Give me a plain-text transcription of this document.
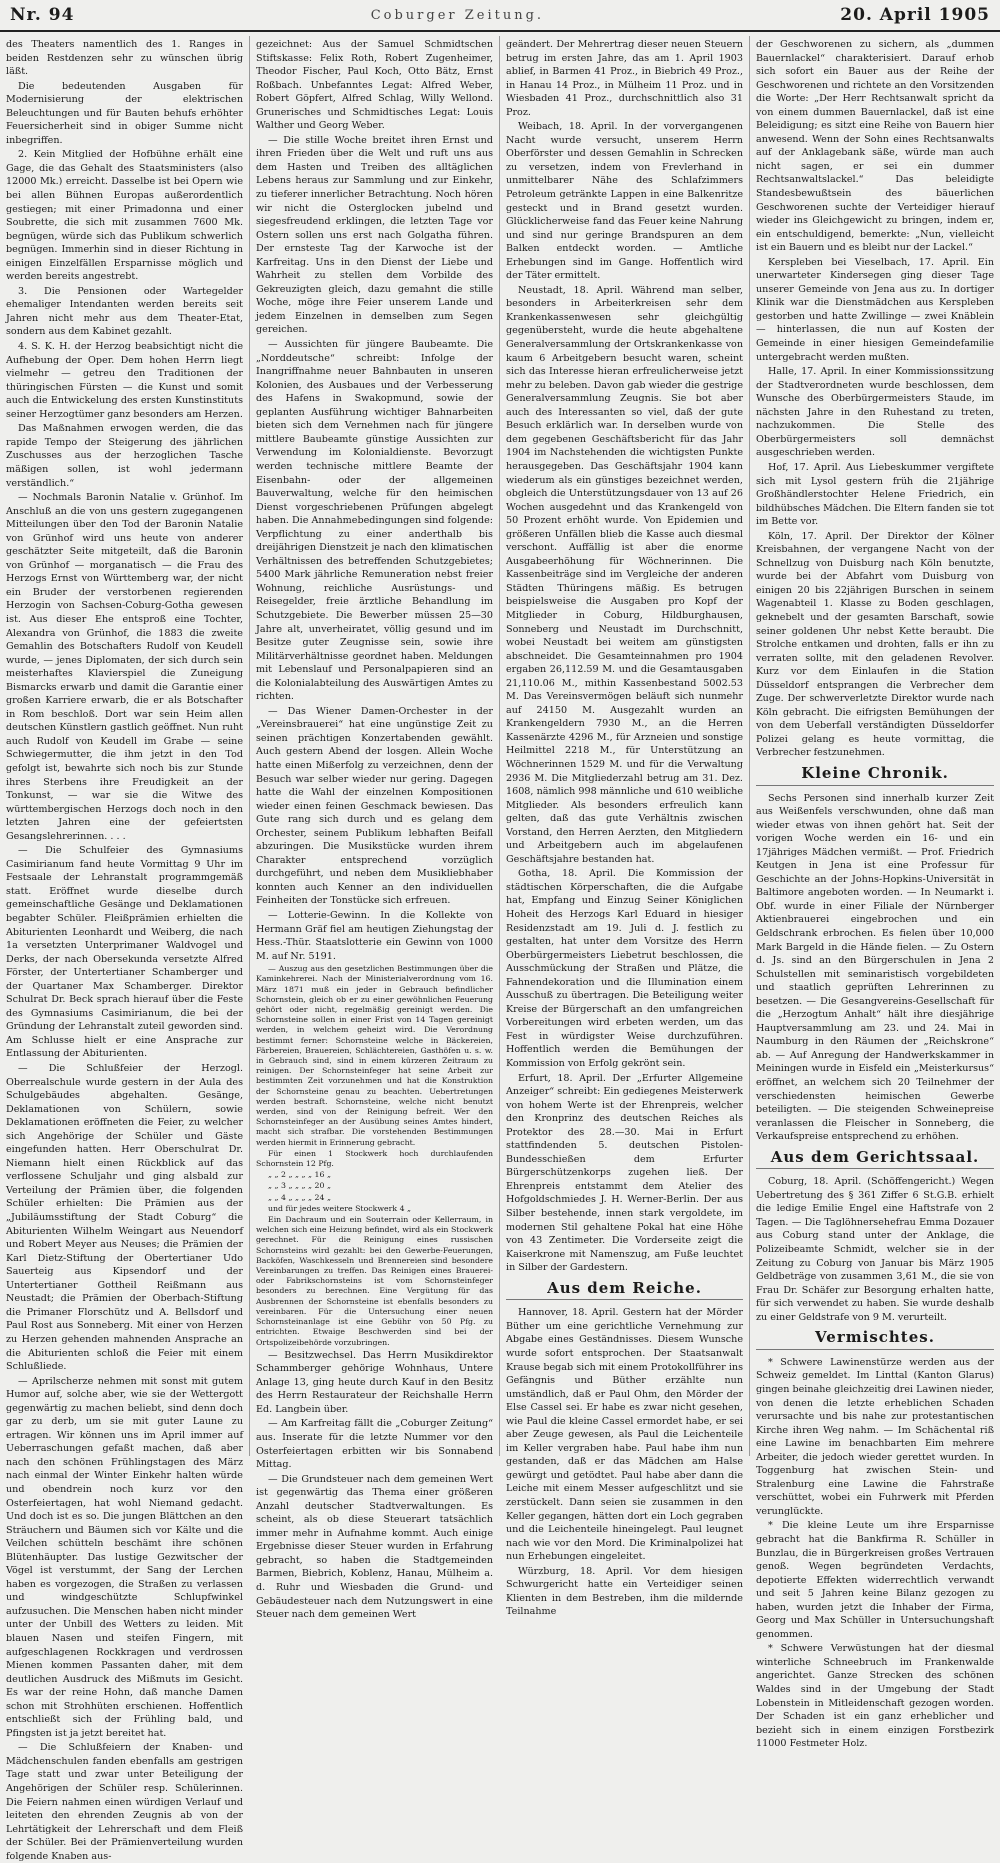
Nr. 94	Coburger Zeitung.	20. April 1905

des Theaters namentlich des 1. Ranges in beiden Restdenzen sehr zu wünschen übrig läßt.

Die bedeutenden Ausgaben für Modernisierung der elektrischen Beleuchtungen und für Bauten behufs erhöhter Feuersicherheit sind in obiger Summe nicht inbegriffen.

2. Kein Mitglied der Hofbühne erhält eine Gage, die das Gehalt des Staatsministers (also 12000 Mk.) erreicht. Dasselbe ist bei Opern wie bei allen Bühnen Europas außerordentlich gestiegen; mit einer Primadonna und einer Soubrette, die sich mit zusammen 7600 Mk. begnügen, würde sich das Publikum schwerlich begnügen. Immerhin sind in dieser Richtung in einigen Einzelfällen Ersparnisse möglich und werden bereits angestrebt.

3. Die Pensionen oder Wartegelder ehemaliger Intendanten werden bereits seit Jahren nicht mehr aus dem Theater-Etat, sondern aus dem Kabinet gezahlt.

4. S. K. H. der Herzog beabsichtigt nicht die Aufhebung der Oper. Dem hohen Herrn liegt vielmehr — getreu den Traditionen der thüringischen Fürsten — die Kunst und somit auch die Entwickelung des ersten Kunstinstituts seiner Herzogtümer ganz besonders am Herzen.

Das Maßnahmen erwogen werden, die das rapide Tempo der Steigerung des jährlichen Zuschusses aus der herzoglichen Tasche mäßigen sollen, ist wohl jedermann verständlich.“

— Nochmals Baronin Natalie v. Grünhof. Im Anschluß an die von uns gestern zugegangenen Mitteilungen über den Tod der Baronin Natalie von Grünhof wird uns heute von anderer geschätzter Seite mitgeteilt, daß die Baronin von Grünhof — morganatisch — die Frau des Herzogs Ernst von Württemberg war, der nicht ein Bruder der verstorbenen regierenden Herzogin von Sachsen-Coburg-Gotha gewesen ist. Aus dieser Ehe entsproß eine Tochter, Alexandra von Grünhof, die 1883 die zweite Gemahlin des Botschafters Rudolf von Keudell wurde, — jenes Diplomaten, der sich durch sein meisterhaftes Klavierspiel die Zuneigung Bismarcks erwarb und damit die Garantie einer großen Karriere erwarb, die er als Botschafter in Rom beschloß. Dort war sein Heim allen deutschen Künstlern gastlich geöffnet. Nun ruht auch Rudolf von Keudell im Grabe — seine Schwiegermutter, die ihm jetzt in den Tod gefolgt ist, bewahrte sich noch bis zur Stunde ihres Sterbens ihre Freudigkeit an der Tonkunst, — war sie die Witwe des württembergischen Herzogs doch noch in den letzten Jahren eine der gefeiertsten Gesangslehrerinnen. . . .

— Die Schulfeier des Gymnasiums Casimirianum fand heute Vormittag 9 Uhr im Festsaale der Lehranstalt programmgemäß statt. Eröffnet wurde dieselbe durch gemeinschaftliche Gesänge und Deklamationen begabter Schüler. Fleißprämien erhielten die Abiturienten Leonhardt und Weiberg, die nach 1a versetzten Unterprimaner Waldvogel und Derks, der nach Obersekunda versetzte Alfred Förster, der Untertertianer Schamberger und der Quartaner Max Schamberger. Direktor Schulrat Dr. Beck sprach hierauf über die Feste des Gymnasiums Casimirianum, die bei der Gründung der Lehranstalt zuteil geworden sind. Am Schlusse hielt er eine Ansprache zur Entlassung der Abiturienten.

— Die Schlußfeier der Herzogl. Oberrealschule wurde gestern in der Aula des Schulgebäudes abgehalten. Gesänge, Deklamationen von Schülern, sowie Deklamationen eröffneten die Feier, zu welcher sich Angehörige der Schüler und Gäste eingefunden hatten. Herr Oberschulrat Dr. Niemann hielt einen Rückblick auf das verflossene Schuljahr und ging alsbald zur Verteilung der Prämien über, die folgenden Schüler erhielten: Die Prämien aus der „Jubiläumsstiftung der Stadt Coburg“ die Abiturienten Wilhelm Weingart aus Neuendorf und Robert Meyer aus Neuses; die Prämien der Karl Dietz-Stiftung der Obertertianer Udo Sauerteig aus Kipsendorf und der Untertertianer Gottheil Reißmann aus Neustadt; die Prämien der Oberbach-Stiftung die Primaner Florschütz und A. Bellsdorf und Paul Rost aus Sonneberg. Mit einer von Herzen zu Herzen gehenden mahnenden Ansprache an die Abiturienten schloß die Feier mit einem Schlußliede.

— Aprilscherze nehmen mit sonst mit gutem Humor auf, solche aber, wie sie der Wettergott gegenwärtig zu machen beliebt, sind denn doch gar zu derb, um sie mit guter Laune zu ertragen. Wir können uns im April immer auf Ueberraschungen gefaßt machen, daß aber nach den schönen Frühlingstagen des März nach einmal der Winter Einkehr halten würde und obendrein noch kurz vor den Osterfeiertagen, hat wohl Niemand gedacht. Und doch ist es so. Die jungen Blättchen an den Sträuchern und Bäumen sich vor Kälte und die Veilchen schütteln beschämt ihre schönen Blütenhäupter. Das lustige Gezwitscher der Vögel ist verstummt, der Sang der Lerchen haben es vorgezogen, die Straßen zu verlassen und windgeschützte Schlupfwinkel aufzusuchen. Die Menschen haben nicht minder unter der Unbill des Wetters zu leiden. Mit blauen Nasen und steifen Fingern, mit aufgeschlagenen Rockkragen und verdrossen Mienen kommen Passanten daher, mit dem deutlichen Ausdruck des Mißmuts im Gesicht. Es war der reine Hohn, daß manche Damen schon mit Strohhüten erschienen. Hoffentlich entschließt sich der Frühling bald, und Pfingsten ist ja jetzt bereitet hat.

— Die Schlußfeiern der Knaben- und Mädchenschulen fanden ebenfalls am gestrigen Tage statt und zwar unter Beteiligung der Angehörigen der Schüler resp. Schülerinnen. Die Feiern nahmen einen würdigen Verlauf und leiteten den ehrenden Zeugnis ab von der Lehrtätigkeit der Lehrerschaft und dem Fleiß der Schüler. Bei der Prämienverteilung wurden folgende Knaben aus-

gezeichnet: Aus der Samuel Schmidtschen Stiftskasse: Felix Roth, Robert Zugenheimer, Theodor Fischer, Paul Koch, Otto Bätz, Ernst Roßbach. Unbefanntes Legat: Alfred Weber, Robert Göpfert, Alfred Schlag, Willy Wellond. Grunerisches und Schmidtisches Legat: Louis Walther und Georg Weber.

— Die stille Woche breitet ihren Ernst und ihren Frieden über die Welt und ruft uns aus dem Hasten und Treiben des alltäglichen Lebens heraus zur Sammlung und zur Einkehr, zu tieferer innerlicher Betrachtung. Noch hören wir nicht die Osterglocken jubelnd und siegesfreudend erklingen, die letzten Tage vor Ostern sollen uns erst nach Golgatha führen. Der ernsteste Tag der Karwoche ist der Karfreitag. Uns in den Dienst der Liebe und Wahrheit zu stellen dem Vorbilde des Gekreuzigten gleich, dazu gemahnt die stille Woche, möge ihre Feier unserem Lande und jedem Einzelnen in demselben zum Segen gereichen.

— Aussichten für jüngere Baubeamte. Die „Norddeutsche“ schreibt: Infolge der Inangriffnahme neuer Bahnbauten in unseren Kolonien, des Ausbaues und der Verbesserung des Hafens in Swakopmund, sowie der geplanten Ausführung wichtiger Bahnarbeiten bieten sich dem Vernehmen nach für jüngere mittlere Baubeamte günstige Aussichten zur Verwendung im Kolonialdienste. Bevorzugt werden technische mittlere Beamte der Eisenbahn- oder der allgemeinen Bauverwaltung, welche für den heimischen Dienst vorgeschriebenen Prüfungen abgelegt haben. Die Annahmebedingungen sind folgende: Verpflichtung zu einer anderthalb bis dreijährigen Dienstzeit je nach den klimatischen Verhältnissen des betreffenden Schutzgebietes; 5400 Mark jährliche Remuneration nebst freier Wohnung, reichliche Ausrüstungs- und Reisegelder, freie ärztliche Behandlung im Schutzgebiete. Die Bewerber müssen 25—30 Jahre alt, unverheiratet, völlig gesund und im Besitze guter Zeugnisse sein, sowie ihre Militärverhältnisse geordnet haben. Meldungen mit Lebenslauf und Personalpapieren sind an die Kolonialabteilung des Auswärtigen Amtes zu richten.

— Das Wiener Damen-Orchester in der „Vereinsbrauerei“ hat eine ungünstige Zeit zu seinen prächtigen Konzertabenden gewählt. Auch gestern Abend der losgen. Allein Woche hatte einen Mißerfolg zu verzeichnen, denn der Besuch war selber wieder nur gering. Dagegen hatte die Wahl der einzelnen Kompositionen wieder einen feinen Geschmack bewiesen. Das Gute rang sich durch und es gelang dem Orchester, seinem Publikum lebhaften Beifall abzuringen. Die Musikstücke wurden ihrem Charakter entsprechend vorzüglich durchgeführt, und neben dem Musikliebhaber konnten auch Kenner an den individuellen Feinheiten der Tonstücke sich erfreuen.

— Lotterie-Gewinn. In die Kollekte von Hermann Gräf fiel am heutigen Ziehungstag der Hess.-Thür. Staatslotterie ein Gewinn von 1000 M. auf Nr. 5191.

— Auszug aus den gesetzlichen Bestimmungen über die Kaminkehrerei. Nach der Ministerialverordnung vom 16. März 1871 muß ein jeder in Gebrauch befindlicher Schornstein, gleich ob er zu einer gewöhnlichen Feuerung gehört oder nicht, regelmäßig gereinigt werden. Die Schornsteine sollen in einer Frist von 14 Tagen gereinigt werden, in welchem geheizt wird. Die Verordnung bestimmt ferner: Schornsteine welche in Bäckereien, Färbereien, Brauereien, Schlächtereien, Gasthöfen u. s. w. in Gebrauch sind, sind in einem kürzeren Zeitraum zu reinigen. Der Schornsteinfeger hat seine Arbeit zur bestimmten Zeit vorzunehmen und hat die Konstruktion der Schornsteine genau zu beachten. Uebertretungen werden bestraft. Schornsteine, welche nicht benutzt werden, sind von der Reinigung befreit. Wer den Schornsteinfeger an der Ausübung seines Amtes hindert, macht sich strafbar. Die vorstehenden Bestimmungen werden hiermit in Erinnerung gebracht.

Für einen 1 Stockwerk hoch durchlaufenden Schornstein 12 Pfg.

„ „ 2 „ „ „ „ 16 „

„ „ 3 „ „ „ „ 20 „

„ „ 4 „ „ „ „ 24 „

und für jedes weitere Stockwerk 4 „

Ein Dachraum und ein Souterrain oder Kellerraum, in welchen sich eine Heizung befindet, wird als ein Stockwerk gerechnet. Für die Reinigung eines russischen Schornsteins wird gezahlt: bei den Gewerbe-Feuerungen, Backöfen, Waschkesseln und Brennereien sind besondere Vereinbarungen zu treffen. Das Reinigen eines Brauerei- oder Fabrikschornsteins ist vom Schornsteinfeger besonders zu berechnen. Eine Vergütung für das Ausbrennen der Schornsteine ist ebenfalls besonders zu vereinbaren. Für die Untersuchung einer neuen Schornsteinanlage ist eine Gebühr von 50 Pfg. zu entrichten. Etwaige Beschwerden sind bei der Ortspolizeibehörde vorzubringen.

— Besitzwechsel. Das Herrn Musikdirektor Schammberger gehörige Wohnhaus, Untere Anlage 13, ging heute durch Kauf in den Besitz des Herrn Restaurateur der Reichshalle Herrn Ed. Langbein über.

— Am Karfreitag fällt die „Coburger Zeitung“ aus. Inserate für die letzte Nummer vor den Osterfeiertagen erbitten wir bis Sonnabend Mittag.

— Die Grundsteuer nach dem gemeinen Wert ist gegenwärtig das Thema einer größeren Anzahl deutscher Stadtverwaltungen. Es scheint, als ob diese Steuerart tatsächlich immer mehr in Aufnahme kommt. Auch einige Ergebnisse dieser Steuer wurden in Erfahrung gebracht, so haben die Stadtgemeinden Barmen, Biebrich, Koblenz, Hanau, Mülheim a. d. Ruhr und Wiesbaden die Grund- und Gebäudesteuer nach dem Nutzungswert in eine Steuer nach dem gemeinen Wert

geändert. Der Mehrertrag dieser neuen Steuern betrug im ersten Jahre, das am 1. April 1903 ablief, in Barmen 41 Proz., in Biebrich 49 Proz., in Hanau 14 Proz., in Mülheim 11 Proz. und in Wiesbaden 41 Proz., durchschnittlich also 31 Proz.

Weibach, 18. April. In der vorvergangenen Nacht wurde versucht, unserem Herrn Oberförster und dessen Gemahlin in Schrecken zu versetzen, indem von Frevlerhand in unmittelbarer Nähe des Schlafzimmers Petroleum getränkte Lappen in eine Balkenritze gesteckt und in Brand gesetzt wurden. Glücklicherweise fand das Feuer keine Nahrung und sind nur geringe Brandspuren an dem Balken entdeckt worden. — Amtliche Erhebungen sind im Gange. Hoffentlich wird der Täter ermittelt.

Neustadt, 18. April. Während man selber, besonders in Arbeiterkreisen sehr dem Krankenkassenwesen sehr gleichgültig gegenübersteht, wurde die heute abgehaltene Generalversammlung der Ortskrankenkasse von kaum 6 Arbeitgebern besucht waren, scheint sich das Interesse hieran erfreulicherweise jetzt mehr zu beleben. Davon gab wieder die gestrige Generalversammlung Zeugnis. Sie bot aber auch des Interessanten so viel, daß der gute Besuch erklärlich war. In derselben wurde von dem gegebenen Geschäftsbericht für das Jahr 1904 im Nachstehenden die wichtigsten Punkte herausgegeben. Das Geschäftsjahr 1904 kann wiederum als ein günstiges bezeichnet werden, obgleich die Unterstützungsdauer von 13 auf 26 Wochen ausgedehnt und das Krankengeld von 50 Prozent erhöht wurde. Von Epidemien und größeren Unfällen blieb die Kasse auch diesmal verschont. Auffällig ist aber die enorme Ausgabeerhöhung für Wöchnerinnen. Die Kassenbeiträge sind im Vergleiche der anderen Städten Thüringens mäßig. Es betrugen beispielsweise die Ausgaben pro Kopf der Mitglieder in Coburg, Hildburghausen, Sonneberg und Neustadt im Durchschnitt, wobei Neustadt bei weitem am günstigsten abschneidet. Die Gesamteinnahmen pro 1904 ergaben 26,112.59 M. und die Gesamtausgaben 21,110.06 M., mithin Kassenbestand 5002.53 M. Das Vereinsvermögen beläuft sich nunmehr auf 24150 M. Ausgezahlt wurden an Krankengeldern 7930 M., an die Herren Kassenärzte 4296 M., für Arzneien und sonstige Heilmittel 2218 M., für Unterstützung an Wöchnerinnen 1529 M. und für die Verwaltung 2936 M. Die Mitgliederzahl betrug am 31. Dez. 1608, nämlich 998 männliche und 610 weibliche Mitglieder. Als besonders erfreulich kann gelten, daß das gute Verhältnis zwischen Vorstand, den Herren Aerzten, den Mitgliedern und Arbeitgebern auch im abgelaufenen Geschäftsjahre bestanden hat.

Gotha, 18. April. Die Kommission der städtischen Körperschaften, die die Aufgabe hat, Empfang und Einzug Seiner Königlichen Hoheit des Herzogs Karl Eduard in hiesiger Residenzstadt am 19. Juli d. J. festlich zu gestalten, hat unter dem Vorsitze des Herrn Oberbürgermeisters Liebetrut beschlossen, die Ausschmückung der Straßen und Plätze, die Fahnendekoration und die Illumination einem Ausschuß zu übertragen. Die Beteiligung weiter Kreise der Bürgerschaft an den umfangreichen Vorbereitungen wird erbeten werden, um das Fest in würdigster Weise durchzuführen. Hoffentlich werden die Bemühungen der Kommission von Erfolg gekrönt sein.

Erfurt, 18. April. Der „Erfurter Allgemeine Anzeiger“ schreibt: Ein gediegenes Meisterwerk von hohem Werte ist der Ehrenpreis, welcher den Kronprinz des deutschen Reiches als Protektor des 28.—30. Mai in Erfurt stattfindenden 5. deutschen Pistolen-Bundesschießen dem Erfurter Bürgerschützenkorps zugehen ließ. Der Ehrenpreis entstammt dem Atelier des Hofgoldschmiedes J. H. Werner-Berlin. Der aus Silber bestehende, innen stark vergoldete, im modernen Stil gehaltene Pokal hat eine Höhe von 43 Zentimeter. Die Vorderseite zeigt die Kaiserkrone mit Namenszug, am Fuße leuchtet in Silber der Gardestern.

Aus dem Reiche.

Hannover, 18. April. Gestern hat der Mörder Büther um eine gerichtliche Vernehmung zur Abgabe eines Geständnisses. Diesem Wunsche wurde sofort entsprochen. Der Staatsanwalt Krause begab sich mit einem Protokollführer ins Gefängnis und Büther erzählte nun umständlich, daß er Paul Ohm, den Mörder der Else Cassel sei. Er habe es zwar nicht gesehen, wie Paul die kleine Cassel ermordet habe, er sei aber Zeuge gewesen, als Paul die Leichenteile im Keller vergraben habe. Paul habe ihm nun gestanden, daß er das Mädchen am Halse gewürgt und getödtet. Paul habe aber dann die Leiche mit einem Messer aufgeschlitzt und sie zerstückelt. Dann seien sie zusammen in den Keller gegangen, hätten dort ein Loch gegraben und die Leichenteile hineingelegt. Paul leugnet nach wie vor den Mord. Die Kriminalpolizei hat nun Erhebungen eingeleitet.

Würzburg, 18. April. Vor dem hiesigen Schwurgericht hatte ein Verteidiger seinen Klienten in dem Bestreben, ihm die mildernde Teilnahme

der Geschworenen zu sichern, als „dummen Bauernlackel“ charakterisiert. Darauf erhob sich sofort ein Bauer aus der Reihe der Geschworenen und richtete an den Vorsitzenden die Worte: „Der Herr Rechtsanwalt spricht da von einem dummen Bauernlackel, daß ist eine Beleidigung; es sitzt eine Reihe von Bauern hier anwesend. Wenn der Sohn eines Rechtsanwalts auf der Anklagebank säße, würde man auch nicht sagen, er sei ein dummer Rechtsanwaltslackel.“ Das beleidigte Standesbewußtsein des bäuerlichen Geschworenen suchte der Verteidiger hierauf wieder ins Gleichgewicht zu bringen, indem er, ein entschuldigend, bemerkte: „Nun, vielleicht ist ein Bauern und es bleibt nur der Lackel.“

Kerspleben bei Vieselbach, 17. April. Ein unerwarteter Kindersegen ging dieser Tage unserer Gemeinde von Jena aus zu. In dortiger Klinik war die Dienstmädchen aus Kerspleben gestorben und hatte Zwillinge — zwei Knäblein — hinterlassen, die nun auf Kosten der Gemeinde in einer hiesigen Gemeindefamilie untergebracht werden mußten.

Halle, 17. April. In einer Kommissionssitzung der Stadtverordneten wurde beschlossen, dem Wunsche des Oberbürgermeisters Staude, im nächsten Jahre in den Ruhestand zu treten, nachzukommen. Die Stelle des Oberbürgermeisters soll demnächst ausgeschrieben werden.

Hof, 17. April. Aus Liebeskummer vergiftete sich mit Lysol gestern früh die 21jährige Großhändlerstochter Helene Friedrich, ein bildhübsches Mädchen. Die Eltern fanden sie tot im Bette vor.

Köln, 17. April. Der Direktor der Kölner Kreisbahnen, der vergangene Nacht von der Schnellzug von Duisburg nach Köln benutzte, wurde bei der Abfahrt vom Duisburg von einigen 20 bis 22jährigen Burschen in seinem Wagenabteil 1. Klasse zu Boden geschlagen, geknebelt und der gesamten Barschaft, sowie seiner goldenen Uhr nebst Kette beraubt. Die Strolche entkamen und drohten, falls er ihn zu verraten sollte, mit den geladenen Revolver. Kurz vor dem Einlaufen in die Station Düsseldorf entsprangen die Verbrecher dem Zuge. Der schwerverletzte Direktor wurde nach Köln gebracht. Die eifrigsten Bemühungen der von dem Ueberfall verständigten Düsseldorfer Polizei gelang es heute vormittag, die Verbrecher festzunehmen.

Kleine Chronik.

Sechs Personen sind innerhalb kurzer Zeit aus Weißenfels verschwunden, ohne daß man wieder etwas von ihnen gehört hat. Seit der vorigen Woche werden ein 16- und ein 17jähriges Mädchen vermißt. — Prof. Friedrich Keutgen in Jena ist eine Professur für Geschichte an der Johns-Hopkins-Universität in Baltimore angeboten worden. — In Neumarkt i. Obf. wurde in einer Filiale der Nürnberger Aktienbrauerei eingebrochen und ein Geldschrank erbrochen. Es fielen über 10,000 Mark Bargeld in die Hände fielen. — Zu Ostern d. Js. sind an den Bürgerschulen in Jena 2 Schulstellen mit seminaristisch vorgebildeten und staatlich geprüften Lehrerinnen zu besetzen. — Die Gesangvereins-Gesellschaft für die „Herzogtum Anhalt“ hält ihre diesjährige Hauptversammlung am 23. und 24. Mai in Naumburg in den Räumen der „Reichskrone“ ab. — Auf Anregung der Handwerkskammer in Meiningen wurde in Eisfeld ein „Meisterkursus“ eröffnet, an welchem sich 20 Teilnehmer der verschiedensten heimischen Gewerbe beteiligten. — Die steigenden Schweinepreise veranlassen die Fleischer in Sonneberg, die Verkaufspreise entsprechend zu erhöhen.

Aus dem Gerichtssaal.

Coburg, 18. April. (Schöffengericht.) Wegen Uebertretung des § 361 Ziffer 6 St.G.B. erhielt die ledige Emilie Engel eine Haftstrafe von 2 Tagen. — Die Taglöhnersehefrau Emma Dozauer aus Coburg stand unter der Anklage, die Polizeibeamte Schmidt, welcher sie in der Zeitung zu Coburg von Januar bis März 1905 Geldbeträge von zusammen 3,61 M., die sie von Frau Dr. Schäfer zur Besorgung erhalten hatte, für sich verwendet zu haben. Sie wurde deshalb zu einer Geldstrafe von 9 M. verurteilt.

Vermischtes.

* Schwere Lawinenstürze werden aus der Schweiz gemeldet. Im Linttal (Kanton Glarus) gingen beinahe gleichzeitig drei Lawinen nieder, von denen die letzte erheblichen Schaden verursachte und bis nahe zur protestantischen Kirche ihren Weg nahm. — Im Schächental riß eine Lawine im benachbarten Eim mehrere Arbeiter, die jedoch wieder gerettet wurden. In Toggenburg hat zwischen Stein- und Stralenburg eine Lawine die Fahrstraße verschüttet, wobei ein Fuhrwerk mit Pferden verunglückte.

* Die kleine Leute um ihre Ersparnisse gebracht hat die Bankfirma R. Schüller in Bunzlau, die in Bürgerkreisen großes Vertrauen genoß. Wegen begründeten Verdachts, depotierte Effekten widerrechtlich verwandt und seit 5 Jahren keine Bilanz gezogen zu haben, wurden jetzt die Inhaber der Firma, Georg und Max Schüller in Untersuchungshaft genommen.

* Schwere Verwüstungen hat der diesmal winterliche Schneebruch im Frankenwalde angerichtet. Ganze Strecken des schönen Waldes sind in der Umgebung der Stadt Lobenstein in Mitleidenschaft gezogen worden. Der Schaden ist ein ganz erheblicher und bezieht sich in einem einzigen Forstbezirk 11000 Festmeter Holz.
